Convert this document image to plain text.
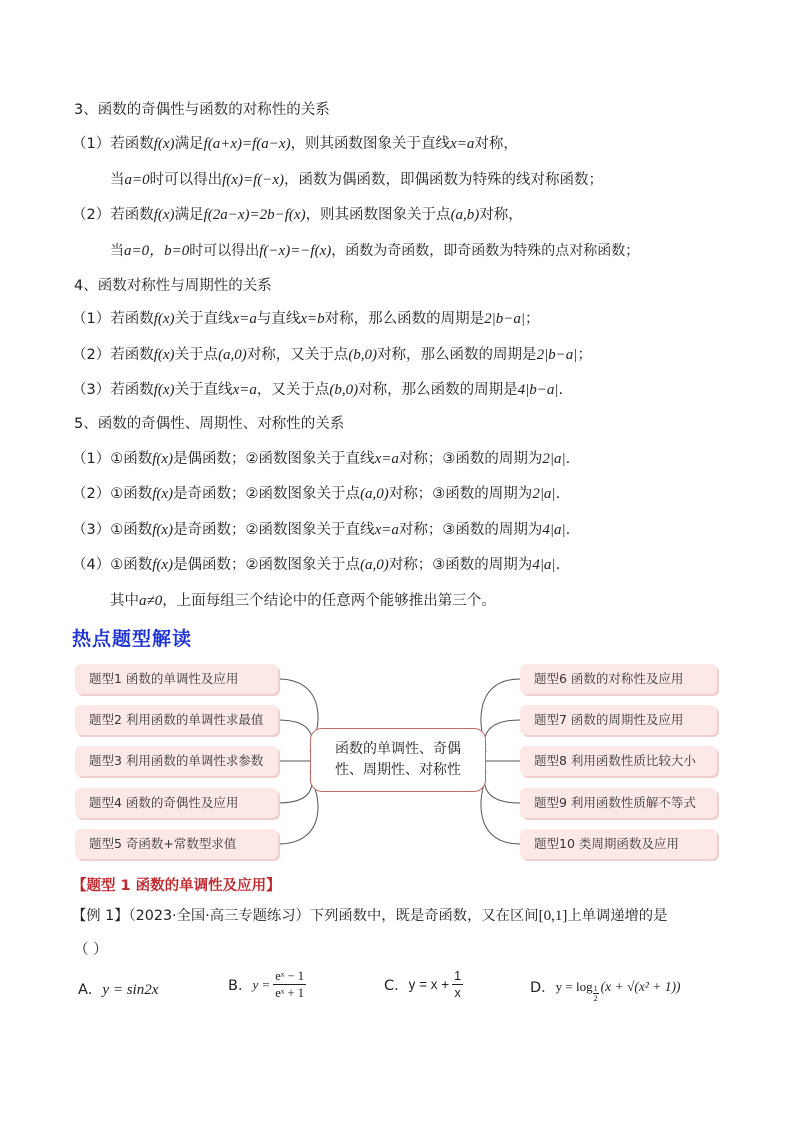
3、函数的奇偶性与函数的对称性的关系
（1）若函数f(x)满足f(a+x)=f(a−x)，则其函数图象关于直线x=a对称，
当a=0时可以得出f(x)=f(−x)，函数为偶函数，即偶函数为特殊的线对称函数；
（2）若函数f(x)满足f(2a−x)=2b−f(x)，则其函数图象关于点(a,b)对称，
当a=0，b=0时可以得出f(−x)=−f(x)，函数为奇函数，即奇函数为特殊的点对称函数；
4、函数对称性与周期性的关系
（1）若函数f(x)关于直线x=a与直线x=b对称，那么函数的周期是2|b−a|；
（2）若函数f(x)关于点(a,0)对称，又关于点(b,0)对称，那么函数的周期是2|b−a|；
（3）若函数f(x)关于直线x=a，又关于点(b,0)对称，那么函数的周期是4|b−a|.
5、函数的奇偶性、周期性、对称性的关系
（1）①函数f(x)是偶函数；②函数图象关于直线x=a对称；③函数的周期为2|a|.
（2）①函数f(x)是奇函数；②函数图象关于点(a,0)对称；③函数的周期为2|a|.
（3）①函数f(x)是奇函数；②函数图象关于直线x=a对称；③函数的周期为4|a|.
（4）①函数f(x)是偶函数；②函数图象关于点(a,0)对称；③函数的周期为4|a|.
其中a≠0，上面每组三个结论中的任意两个能够推出第三个。
热点题型解读
题型1 函数的单调性及应用
题型2 利用函数的单调性求最值
题型3 利用函数的单调性求参数
题型4 函数的奇偶性及应用
题型5 奇函数+常数型求值
题型6 函数的对称性及应用
题型7 函数的周期性及应用
题型8 利用函数性质比较大小
题型9 利用函数性质解不等式
题型10 类周期函数及应用
函数的单调性、奇偶
性、周期性、对称性
【题型 1 函数的单调性及应用】
【例 1】（2023·全国·高三专题练习）下列函数中，既是奇函数，又在区间[0,1]上单调递增的是
（ ）
A．y = sin2x	B． $y = \frac{\text{eˣ − 1}}{\text{eˣ + 1}}$	C． $y = x + \frac{1}{x}$	D． $y = \log \frac{1}{2} (x + √(x^2 + 1))$
